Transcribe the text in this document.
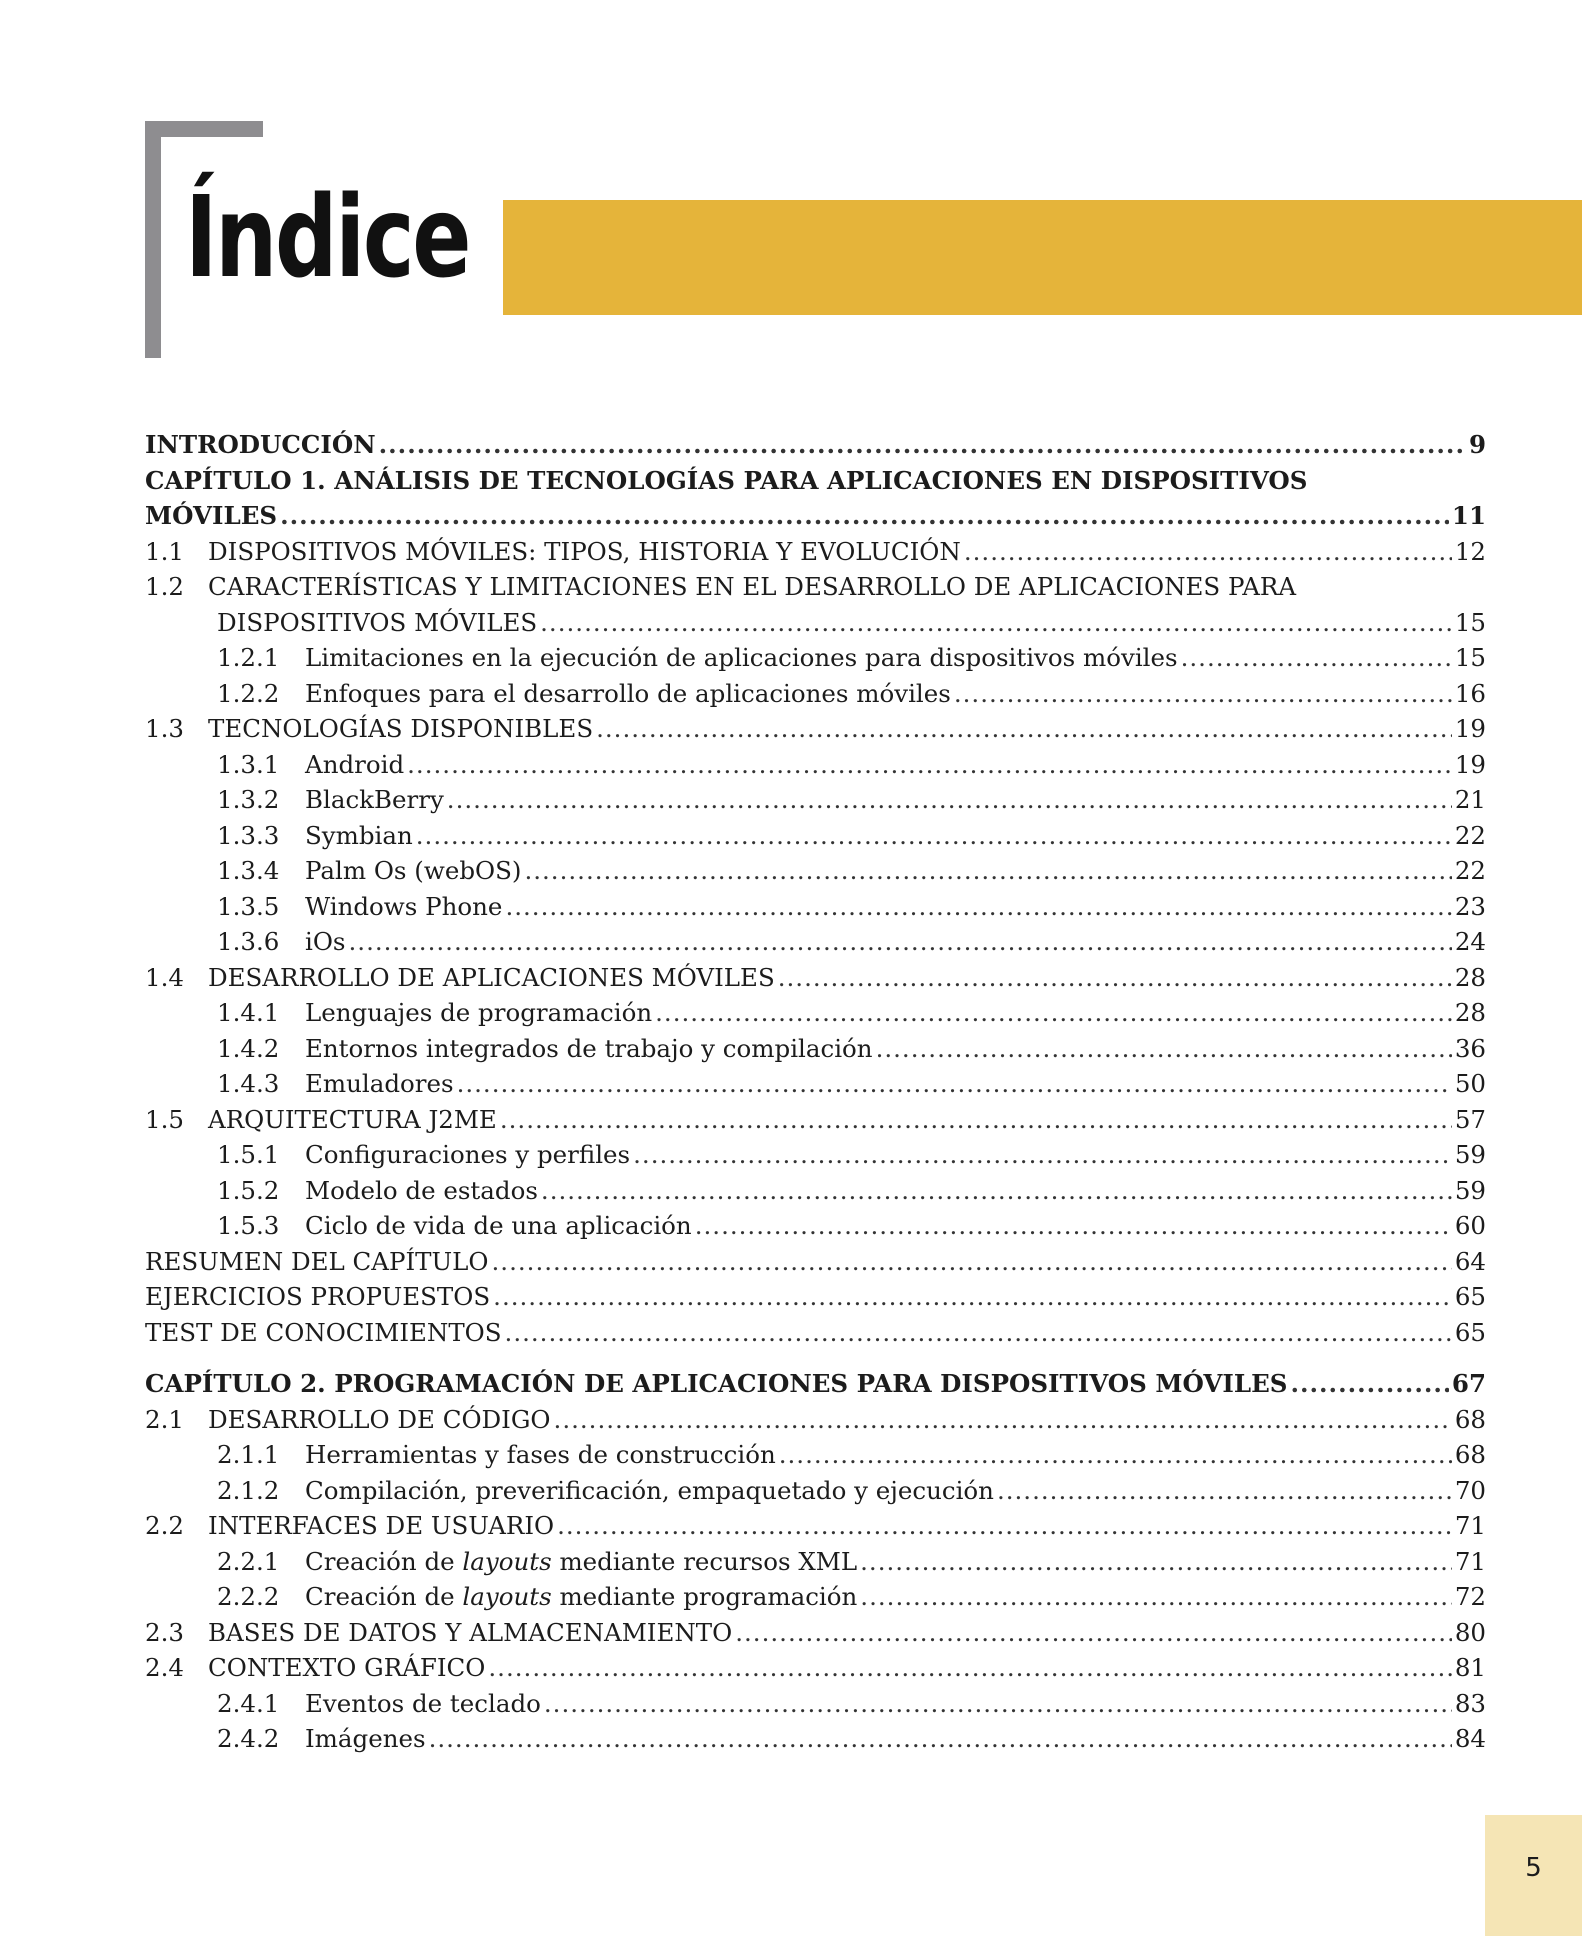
Índice
INTRODUCCIÓN .....	9
CAPÍTULO 1. ANÁLISIS DE TECNOLOGÍAS PARA APLICACIONES EN DISPOSITIVOS
MÓVILES .....	11
1.1 DISPOSITIVOS MÓVILES: TIPOS, HISTORIA Y EVOLUCIÓN .....	12
1.2 CARACTERÍSTICAS Y LIMITACIONES EN EL DESARROLLO DE APLICACIONES PARA
DISPOSITIVOS MÓVILES .....	15
1.2.1	Limitaciones en la ejecución de aplicaciones para dispositivos móviles .....	15
1.2.2	Enfoques para el desarrollo de aplicaciones móviles .....	16
1.3 TECNOLOGÍAS DISPONIBLES .....	19
1.3.1	Android .....	19
1.3.2	BlackBerry .....	21
1.3.3	Symbian .....	22
1.3.4	Palm Os (webOS) .....	22
1.3.5	Windows Phone .....	23
1.3.6	iOs .....	24
1.4 DESARROLLO DE APLICACIONES MÓVILES .....	28
1.4.1	Lenguajes de programación .....	28
1.4.2	Entornos integrados de trabajo y compilación .....	36
1.4.3	Emuladores .....	50
1.5 ARQUITECTURA J2ME .....	57
1.5.1	Configuraciones y perfiles .....	59
1.5.2	Modelo de estados .....	59
1.5.3	Ciclo de vida de una aplicación .....	60
RESUMEN DEL CAPÍTULO .....	64
EJERCICIOS PROPUESTOS .....	65
TEST DE CONOCIMIENTOS .....	65
CAPÍTULO 2. PROGRAMACIÓN DE APLICACIONES PARA DISPOSITIVOS MÓVILES .....	67
2.1 DESARROLLO DE CÓDIGO .....	68
2.1.1	Herramientas y fases de construcción .....	68
2.1.2	Compilación, preverificación, empaquetado y ejecución .....	70
2.2 INTERFACES DE USUARIO .....	71
2.2.1	Creación de layouts mediante recursos XML .....	71
2.2.2	Creación de layouts mediante programación .....	72
2.3 BASES DE DATOS Y ALMACENAMIENTO .....	80
2.4 CONTEXTO GRÁFICO .....	81
2.4.1	Eventos de teclado .....	83
2.4.2	Imágenes .....	84
5
